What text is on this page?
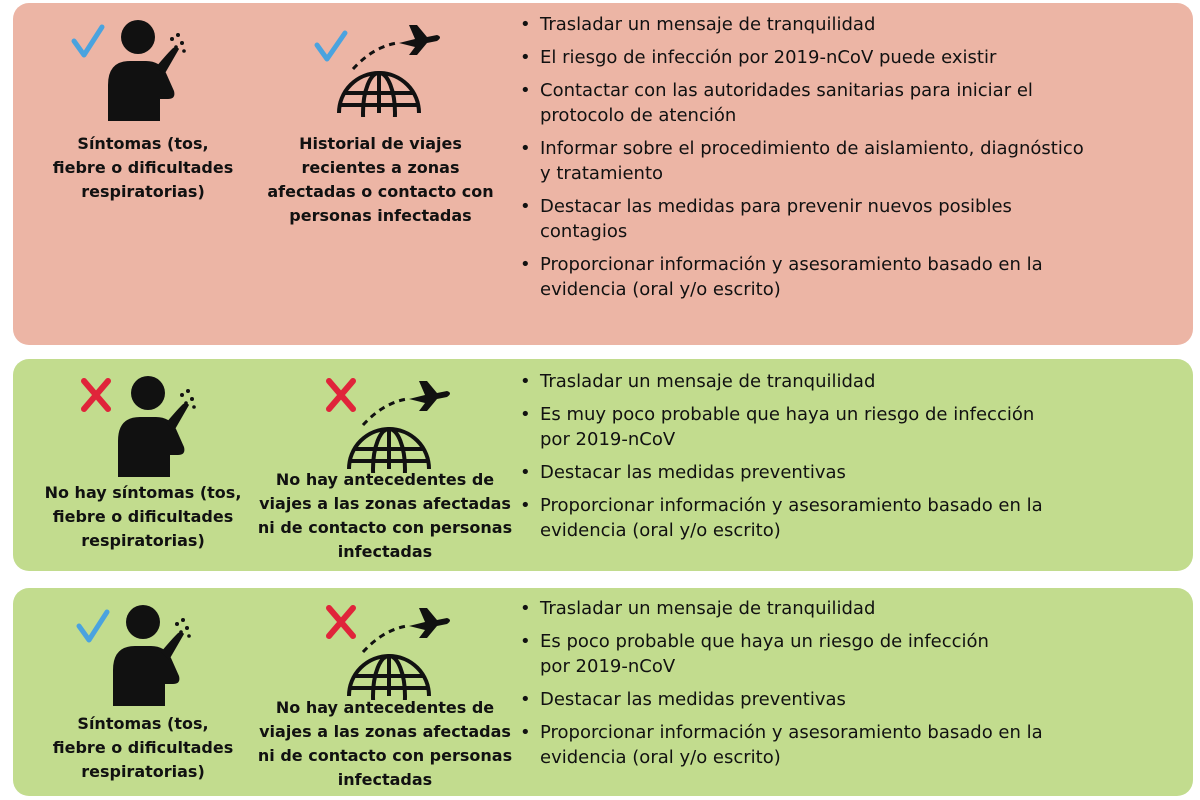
Síntomas (tos,
fiebre o dificultades
respiratorias)
Historial de viajes
recientes a zonas
afectadas o contacto con
personas infectadas
• Trasladar un mensaje de tranquilidad
• El riesgo de infección por 2019-nCoV puede existir
• Contactar con las autoridades sanitarias para iniciar el
protocolo de atención
• Informar sobre el procedimiento de aislamiento, diagnóstico
y tratamiento
• Destacar las medidas para prevenir nuevos posibles
contagios
• Proporcionar información y asesoramiento basado en la
evidencia (oral y/o escrito)
No hay síntomas (tos,
fiebre o dificultades
respiratorias)
No hay antecedentes de
viajes a las zonas afectadas
ni de contacto con personas
infectadas
• Trasladar un mensaje de tranquilidad
• Es muy poco probable que haya un riesgo de infección
por 2019-nCoV
• Destacar las medidas preventivas
• Proporcionar información y asesoramiento basado en la
evidencia (oral y/o escrito)
Síntomas (tos,
fiebre o dificultades
respiratorias)
No hay antecedentes de
viajes a las zonas afectadas
ni de contacto con personas
infectadas
• Trasladar un mensaje de tranquilidad
• Es poco probable que haya un riesgo de infección
por 2019-nCoV
• Destacar las medidas preventivas
• Proporcionar información y asesoramiento basado en la
evidencia (oral y/o escrito)
